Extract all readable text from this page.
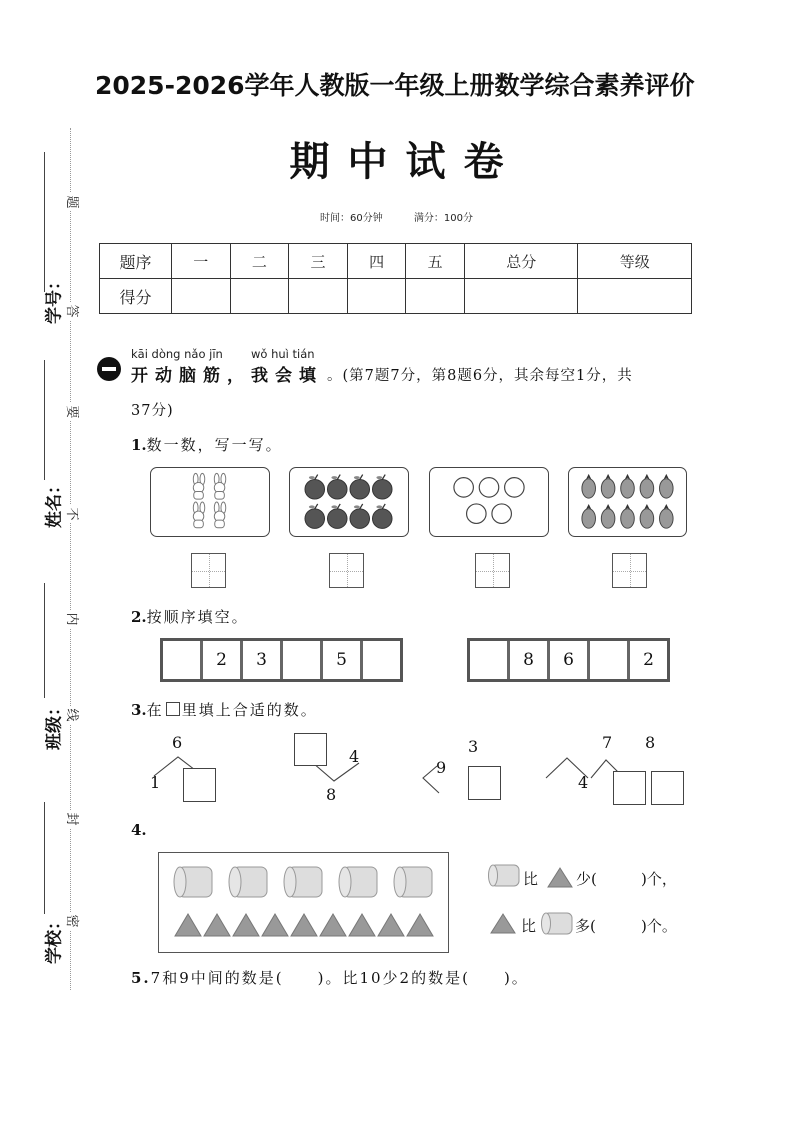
题
答
要
不
内
线
封
密
学号：
姓名：
班级：
学校：
2025-2026学年人教版一年级上册数学综合素养评价
期中试卷
时间：60分钟	满分：100分
题序	一	二	三	四	五	总分	等级
得分							
kāi dòng nǎo jīn wǒ huì tián
开动脑筋，我会填 。(第7题7分，第8题6分，其余每空1分，共
37分)
1.数一数，写一写。
2.按顺序填空。
2	3	5	8	6	2
3.在 里填上合适的数。
6
1
4
8
9
3	7 8
4
4.
比	少(	)个，
比	多(	)个。
5.7和9中间的数是(　　)。比10少2的数是(　　)。
